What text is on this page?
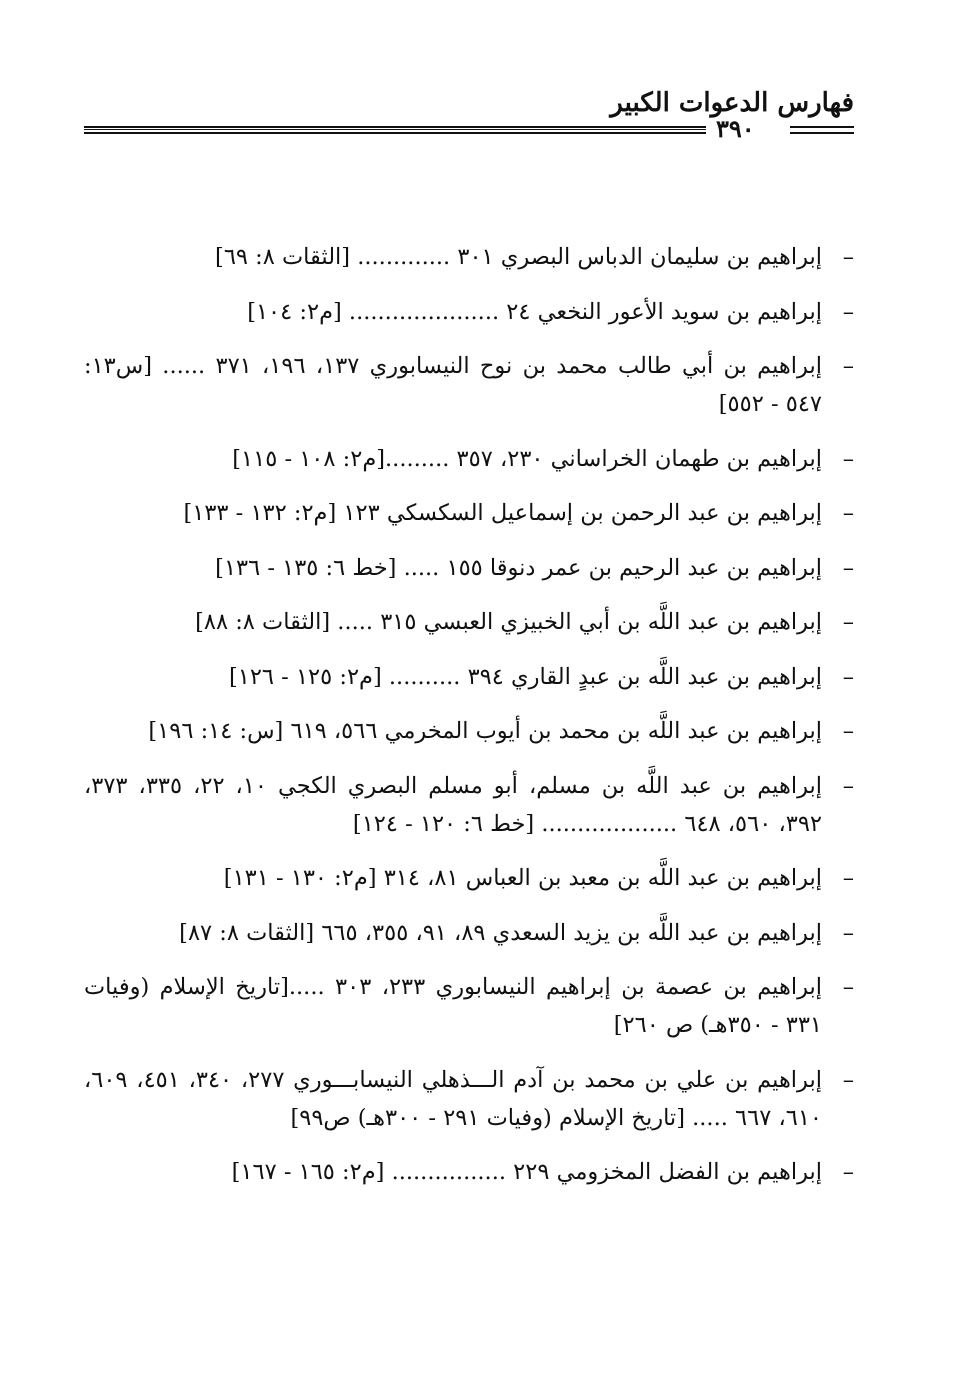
فهارس الدعوات الكبير
٣٩٠
–
إبراهيم بن سليمان الدباس البصري ٣٠١ ............. [الثقات ٨: ٦٩]
–
إبراهيم بن سويد الأعور النخعي ٢٤ ..................... [م٢: ١٠٤]
–
إبراهيم بن أبي طالب محمد بن نوح النيسابوري ١٣٧، ١٩٦، ٣٧١ ...... [س١٣: ٥٤٧ - ٥٥٢]
–
إبراهيم بن طهمان الخراساني ٢٣٠، ٣٥٧ .........[م٢: ١٠٨ - ١١٥]
–
إبراهيم بن عبد الرحمن بن إسماعيل السكسكي ١٢٣ [م٢: ١٣٢ - ١٣٣]
–
إبراهيم بن عبد الرحيم بن عمر دنوقا ١٥٥ ..... [خط ٦: ١٣٥ - ١٣٦]
–
إبراهيم بن عبد اللَّه بن أبي الخبيزي العبسي ٣١٥ ..... [الثقات ٨: ٨٨]
–
إبراهيم بن عبد اللَّه بن عبدٍ القاري ٣٩٤ .......... [م٢: ١٢٥ - ١٢٦]
–
إبراهيم بن عبد اللَّه بن محمد بن أيوب المخرمي ٥٦٦، ٦١٩ [س: ١٤: ١٩٦]
–
إبراهيم بن عبد اللَّه بن مسلم، أبو مسلم البصري الكجي ١٠، ٢٢، ٣٣٥، ٣٧٣، ٣٩٢، ٥٦٠، ٦٤٨ ................... [خط ٦: ١٢٠ - ١٢٤]
–
إبراهيم بن عبد اللَّه بن معبد بن العباس ٨١، ٣١٤ [م٢: ١٣٠ - ١٣١]
–
إبراهيم بن عبد اللَّه بن يزيد السعدي ٨٩، ٩١، ٣٥٥، ٦٦٥ [الثقات ٨: ٨٧]
–
إبراهيم بن عصمة بن إبراهيم النيسابوري ٢٣٣، ٣٠٣ .....[تاريخ الإسلام (وفيات ٣٣١ - ٣٥٠هـ) ص ٢٦٠]
–
إبراهيم بن علي بن محمد بن آدم الـــذهلي النيسابـــوري ٢٧٧، ٣٤٠، ٤٥١، ٦٠٩، ٦١٠، ٦٦٧ ..... [تاريخ الإسلام (وفيات ٢٩١ - ٣٠٠هـ) ص٩٩]
–
إبراهيم بن الفضل المخزومي ٢٢٩ ................ [م٢: ١٦٥ - ١٦٧]
